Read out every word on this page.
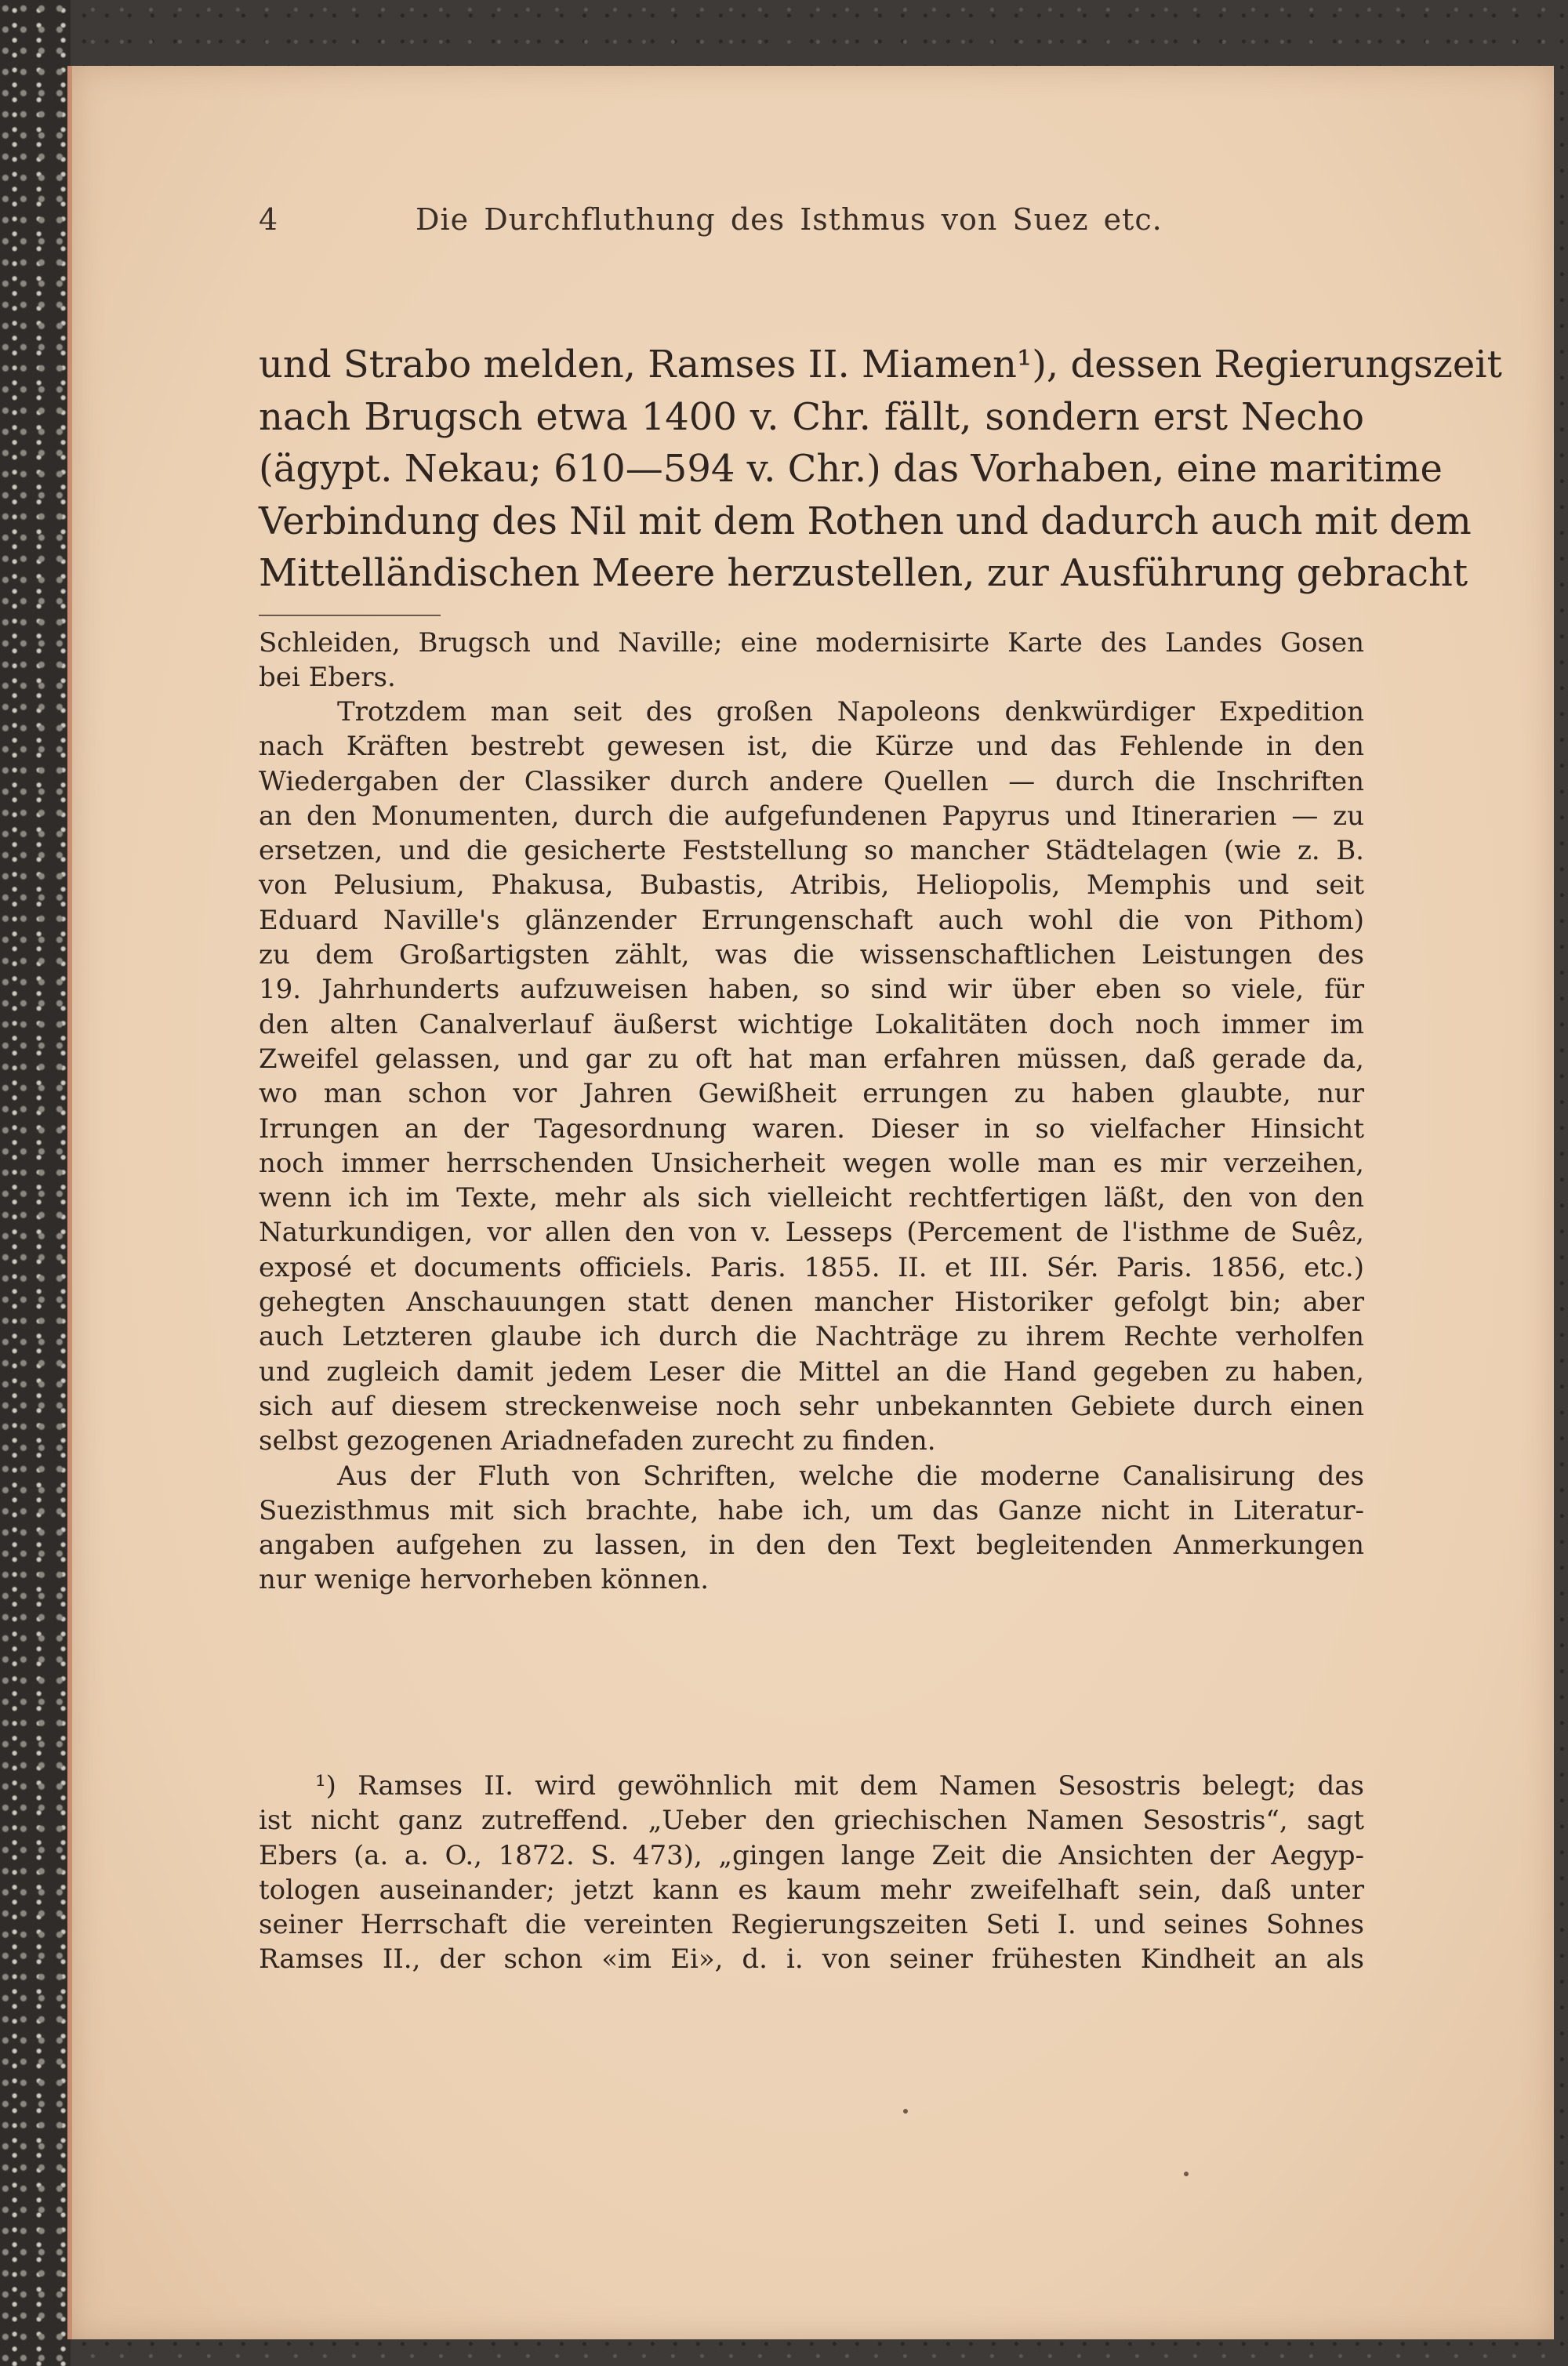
4	Die Durchfluthung des Isthmus von Suez etc.
und Strabo melden, Ramses II. Miamen¹), dessen Regierungszeit
nach Brugsch etwa 1400 v. Chr. fällt, sondern erst Necho
(ägypt. Nekau; 610—594 v. Chr.) das Vorhaben, eine maritime
Verbindung des Nil mit dem Rothen und dadurch auch mit dem
Mittelländischen Meere herzustellen, zur Ausführung gebracht
Schleiden, Brugsch und Naville; eine modernisirte Karte des Landes Gosen
bei Ebers.
Trotzdem man seit des großen Napoleons denkwürdiger Expedition
nach Kräften bestrebt gewesen ist, die Kürze und das Fehlende in den
Wiedergaben der Classiker durch andere Quellen — durch die Inschriften
an den Monumenten, durch die aufgefundenen Papyrus und Itinerarien — zu
ersetzen, und die gesicherte Feststellung so mancher Städtelagen (wie z. B.
von Pelusium, Phakusa, Bubastis, Atribis, Heliopolis, Memphis und seit
Eduard Naville's glänzender Errungenschaft auch wohl die von Pithom)
zu dem Großartigsten zählt, was die wissenschaftlichen Leistungen des
19. Jahrhunderts aufzuweisen haben, so sind wir über eben so viele, für
den alten Canalverlauf äußerst wichtige Lokalitäten doch noch immer im
Zweifel gelassen, und gar zu oft hat man erfahren müssen, daß gerade da,
wo man schon vor Jahren Gewißheit errungen zu haben glaubte, nur
Irrungen an der Tagesordnung waren. Dieser in so vielfacher Hinsicht
noch immer herrschenden Unsicherheit wegen wolle man es mir verzeihen,
wenn ich im Texte, mehr als sich vielleicht rechtfertigen läßt, den von den
Naturkundigen, vor allen den von v. Lesseps (Percement de l'isthme de Suêz,
exposé et documents officiels. Paris. 1855. II. et III. Sér. Paris. 1856, etc.)
gehegten Anschauungen statt denen mancher Historiker gefolgt bin; aber
auch Letzteren glaube ich durch die Nachträge zu ihrem Rechte verholfen
und zugleich damit jedem Leser die Mittel an die Hand gegeben zu haben,
sich auf diesem streckenweise noch sehr unbekannten Gebiete durch einen
selbst gezogenen Ariadnefaden zurecht zu finden.
Aus der Fluth von Schriften, welche die moderne Canalisirung des
Suezisthmus mit sich brachte, habe ich, um das Ganze nicht in Literatur-
angaben aufgehen zu lassen, in den den Text begleitenden Anmerkungen
nur wenige hervorheben können.
¹) Ramses II. wird gewöhnlich mit dem Namen Sesostris belegt; das
ist nicht ganz zutreffend. „Ueber den griechischen Namen Sesostris“, sagt
Ebers (a. a. O., 1872. S. 473), „gingen lange Zeit die Ansichten der Aegyp-
tologen auseinander; jetzt kann es kaum mehr zweifelhaft sein, daß unter
seiner Herrschaft die vereinten Regierungszeiten Seti I. und seines Sohnes
Ramses II., der schon «im Ei», d. i. von seiner frühesten Kindheit an als
